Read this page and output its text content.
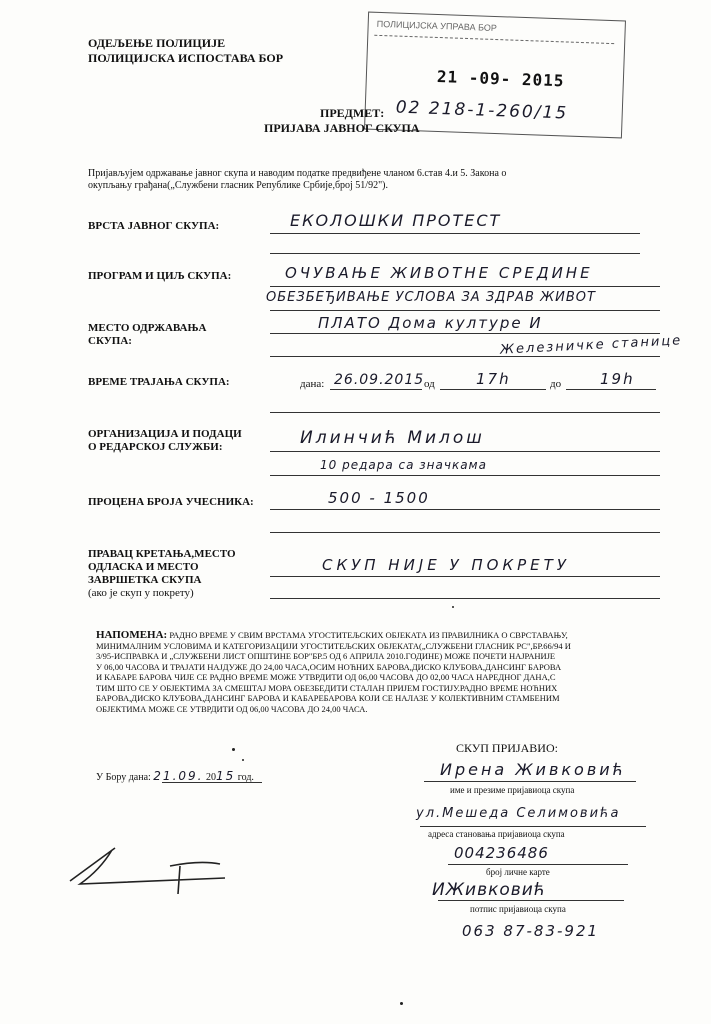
ОДЕЉЕЊЕ ПОЛИЦИЈЕ
ПОЛИЦИЈСКА ИСПОСТАВА БОР
ПОЛИЦИЈСКА УПРАВА БОР
21 -09- 2015
02 218-1-260/15
ПРЕДМЕТ:
ПРИЈАВА ЈАВНОГ СКУПА
Пријављујем одржавање јавног скупа и наводим податке предвиђене чланом 6.став 4.и 5. Закона о
окупљању грађана(„Службени гласник Републике Србије,број 51/92").
ВРСТА ЈАВНОГ СКУПА:	ЕКОЛОШКИ ПРОТЕСТ
ПРОГРАМ И ЦИЉ СКУПА:	ОЧУВАЊЕ ЖИВОТНЕ СРЕДИНЕ
ОБЕЗБЕЂИВАЊЕ УСЛОВА ЗА ЗДРАВ ЖИВОТ
МЕСТО ОДРЖАВАЊА
СКУПА:
ПЛАТО Дома културе И
Железничке станице
ВРЕМЕ ТРАЈАЊА СКУПА:	дана: 26.09.2015 од	17h	до	19h
ОРГАНИЗАЦИЈА И ПОДАЦИ
О РЕДАРСКОЈ СЛУЖБИ:	Илинчић Милош
10 редара са значкама
ПРОЦЕНА БРОЈА УЧЕСНИКА:	500 - 1500
ПРАВАЦ КРЕТАЊА,МЕСТО
ОДЛАСКА И МЕСТО
ЗАВРШЕТКА СКУПА
(ако је скуп у покрету)
СКУП НИЈЕ У ПОКРЕТУ
НАПОМЕНА: РАДНО ВРЕМЕ У СВИМ ВРСТАМА УГОСТИТЕЉСКИХ ОБЈЕКАТА ИЗ ПРАВИЛНИКА О СВРСТАВАЊУ,
МИНИМАЛНИМ УСЛОВИМА И КАТЕГОРИЗАЦИЈИ УГОСТИТЕЉСКИХ ОБЈЕКАТА(„СЛУЖБЕНИ ГЛАСНИК РС",БР.66/94 И
3/95-ИСПРАВКА И „СЛУЖБЕНИ ЛИСТ ОПШТИНЕ БОР"БР.5 ОД 6 АПРИЛА 2010.ГОДИНЕ) МОЖЕ ПОЧЕТИ НАЈРАНИЈЕ
У 06,00 ЧАСОВА И ТРАЈАТИ НАЈДУЖЕ ДО 24,00 ЧАСА,ОСИМ НОЋНИХ БАРОВА,ДИСКО КЛУБОВА,ДАНСИНГ БАРОВА
И КАБАРЕ БАРОВА ЧИЈЕ СЕ РАДНО ВРЕМЕ МОЖЕ УТВРДИТИ ОД 06,00 ЧАСОВА ДО 02,00 ЧАСА НАРЕДНОГ ДАНА,С
ТИМ ШТО СЕ У ОБЈЕКТИМА ЗА СМЕШТАЈ МОРА ОБЕЗБЕДИТИ СТАЛАН ПРИЈЕМ ГОСТИЈУ.РАДНО ВРЕМЕ НОЋНИХ
БАРОВА,ДИСКО КЛУБОВА,ДАНСИНГ БАРОВА И КАБАРЕБАРОВА КОЈИ СЕ НАЛАЗЕ У КОЛЕКТИВНИМ СТАМБЕНИМ
ОБЈЕКТИМА МОЖЕ СЕ УТВРДИТИ ОД 06,00 ЧАСОВА ДО 24,00 ЧАСА.
У Бору дана: 21.09. 2015 год.
СКУП ПРИЈАВИО:
Ирена Живковић
име и презиме пријавиоца скупа
ул.Мешеда Селимовића
адреса становања пријавиоца скупа
004236486
број личне карте
ИЖивковић
потпис пријавиоца скупа
063 87-83-921
